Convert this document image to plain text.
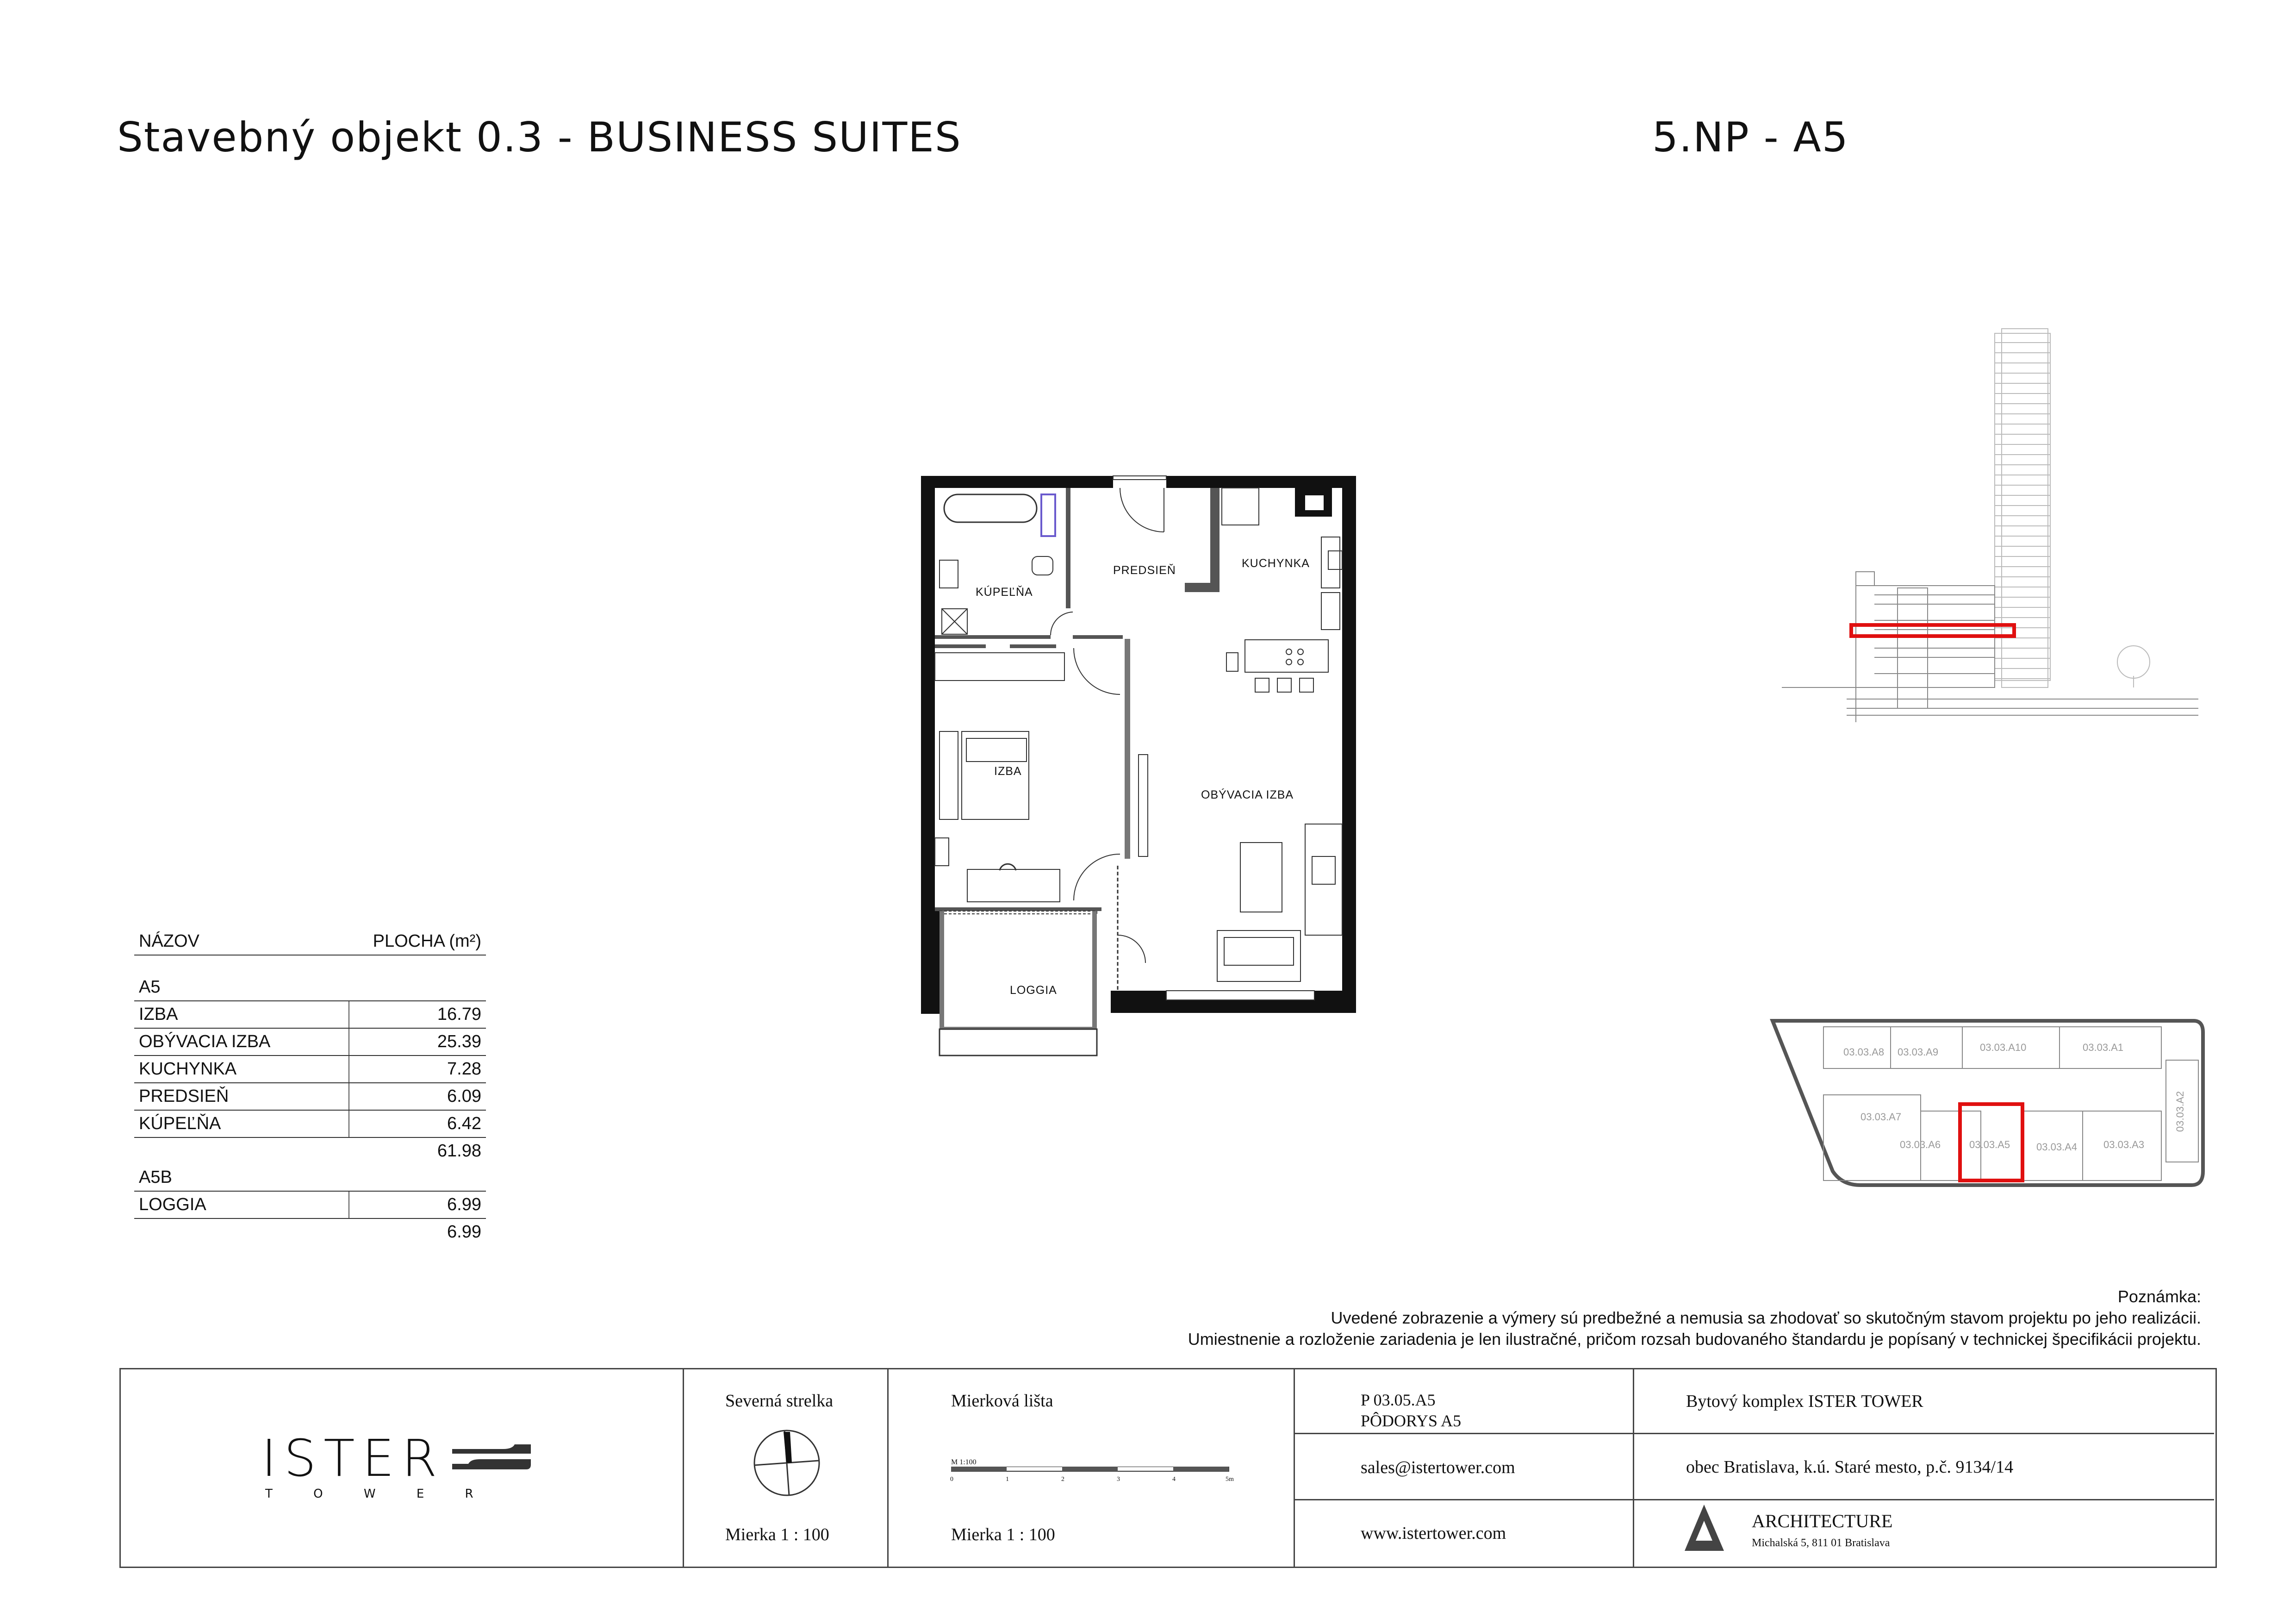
Stavebný objekt 0.3 - BUSINESS SUITES	5.NP - A5
KÚPEĽŇA
PREDSIEŇ
KUCHYNKA
IZBA
OBÝVACIA IZBA
LOGGIA
NÁZOV	PLOCHA (m²)
A5
IZBA	16.79
OBÝVACIA IZBA	25.39
KUCHYNKA	7.28
PREDSIEŇ	6.09
KÚPEĽŇA	6.42
61.98
A5B
LOGGIA	6.99
6.99
03.03.A8 03.03.A9	03.03.A10	03.03.A1
03.03.A7
03.03.A6	03.03.A5	03.03.A4	03.03.A3
03.03.A2
Poznámka:
Uvedené zobrazenie a výmery sú predbežné a nemusia sa zhodovať so skutočným stavom projektu po jeho realizácii.
Umiestnenie a rozloženie zariadenia je len ilustračné, pričom rozsah budovaného štandardu je popísaný v technickej špecifikácii projektu.
ISTER
T O W E R
Severná strelka
Mierka 1 : 100
Mierková lišta
M 1:100
0	1	2	3	4	5m
Mierka 1 : 100
P 03.05.A5
PÔDORYS A5
sales@istertower.com
www.istertower.com
Bytový komplex ISTER TOWER
obec Bratislava, k.ú. Staré mesto, p.č. 9134/14
ARCHITECTURE
Michalská 5, 811 01 Bratislava
